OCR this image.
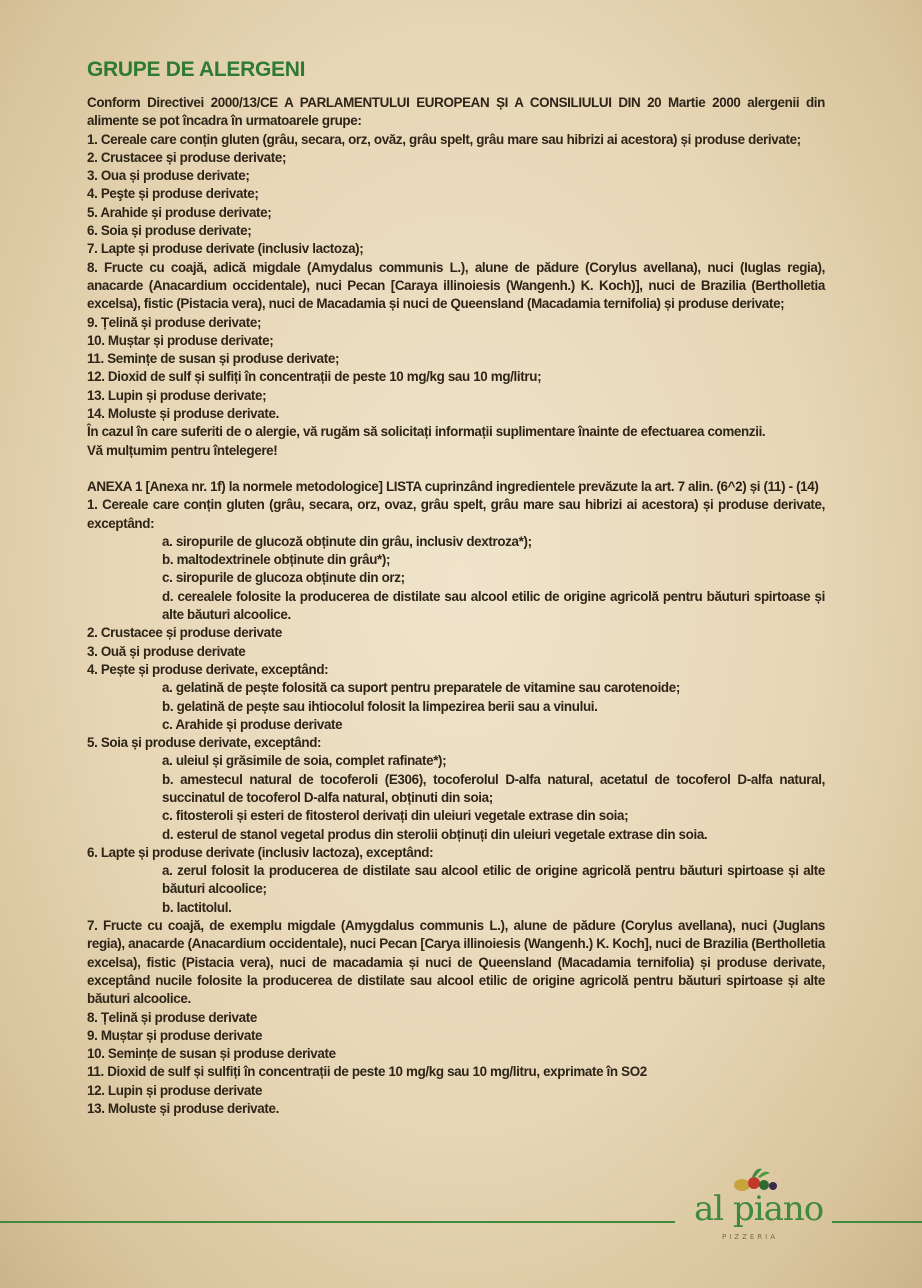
GRUPE DE ALERGENI
Conform Directivei 2000/13/CE A PARLAMENTULUI EUROPEAN ȘI A CONSILIULUI DIN 20 Martie 2000 alergenii din alimente se pot încadra în urmatoarele grupe:
1. Cereale care conțin gluten (grâu, secara, orz, ovăz, grâu spelt, grâu mare sau hibrizi ai acestora) și produse derivate;
2. Crustacee și produse derivate;
3. Oua și produse derivate;
4. Peşte și produse derivate;
5. Arahide și produse derivate;
6. Soia și produse derivate;
7. Lapte și produse derivate (inclusiv lactoza);
8. Fructe cu coajă, adică migdale (Amydalus communis L.), alune de pădure (Corylus avellana), nuci (Iuglas regia), anacarde (Anacardium occidentale), nuci Pecan [Caraya illinoiesis (Wangenh.) K. Koch)], nuci de Brazilia (Bertholletia excelsa), fistic (Pistacia vera), nuci de Macadamia și nuci de Queensland (Macadamia ternifolia) și produse derivate;
9. Țelină și produse derivate;
10. Muștar și produse derivate;
11. Semințe de susan și produse derivate;
12. Dioxid de sulf și sulfiți în concentrații de peste 10 mg/kg sau 10 mg/litru;
13. Lupin și produse derivate;
14. Moluste și produse derivate.
În cazul în care suferiti de o alergie, vă rugăm să solicitați informații suplimentare înainte de efectuarea comenzii.
Vă mulțumim pentru întelegere!
ANEXA 1 [Anexa nr. 1f) la normele metodologice] LISTA cuprinzând ingredientele prevăzute la art. 7 alin. (6^2) și (11) - (14)
1. Cereale care conțin gluten (grâu, secara, orz, ovaz, grâu spelt, grâu mare sau hibrizi ai acestora) și produse derivate, exceptând:
a. siropurile de glucoză obținute din grâu, inclusiv dextroza*);
b. maltodextrinele obținute din grâu*);
c. siropurile de glucoza obținute din orz;
d. cerealele folosite la producerea de distilate sau alcool etilic de origine agricolă pentru băuturi spirtoase și alte băuturi alcoolice.
2. Crustacee și produse derivate
3. Ouă și produse derivate
4. Pește și produse derivate, exceptând:
a. gelatină de pește folosită ca suport pentru preparatele de vitamine sau carotenoide;
b. gelatină de pește sau ihtiocolul folosit la limpezirea berii sau a vinului.
c. Arahide și produse derivate
5. Soia și produse derivate, exceptând:
a. uleiul și grăsimile de soia, complet rafinate*);
b. amestecul natural de tocoferoli (E306), tocoferolul D-alfa natural, acetatul de tocoferol D-alfa natural, succinatul de tocoferol D-alfa natural, obținuti din soia;
c. fitosteroli și esteri de fitosterol derivați din uleiuri vegetale extrase din soia;
d. esterul de stanol vegetal produs din sterolii obținuți din uleiuri vegetale extrase din soia.
6. Lapte și produse derivate (inclusiv lactoza), exceptând:
a. zerul folosit la producerea de distilate sau alcool etilic de origine agricolă pentru băuturi spirtoase și alte băuturi alcoolice;
b. lactitolul.
7. Fructe cu coajă, de exemplu migdale (Amygdalus communis L.), alune de pădure (Corylus avellana), nuci (Juglans regia), anacarde (Anacardium occidentale), nuci Pecan [Carya illinoiesis (Wangenh.) K. Koch], nuci de Brazilia (Bertholletia excelsa), fistic (Pistacia vera), nuci de macadamia și nuci de Queensland (Macadamia ternifolia) și produse derivate, exceptând nucile folosite la producerea de distilate sau alcool etilic de origine agricolă pentru băuturi spirtoase și alte băuturi alcoolice.
8. Țelină și produse derivate
9. Muștar și produse derivate
10. Semințe de susan și produse derivate
11. Dioxid de sulf și sulfiți în concentrații de peste 10 mg/kg sau 10 mg/litru, exprimate în SO2
12. Lupin și produse derivate
13. Moluste și produse derivate.
al piano
PIZZERIA
